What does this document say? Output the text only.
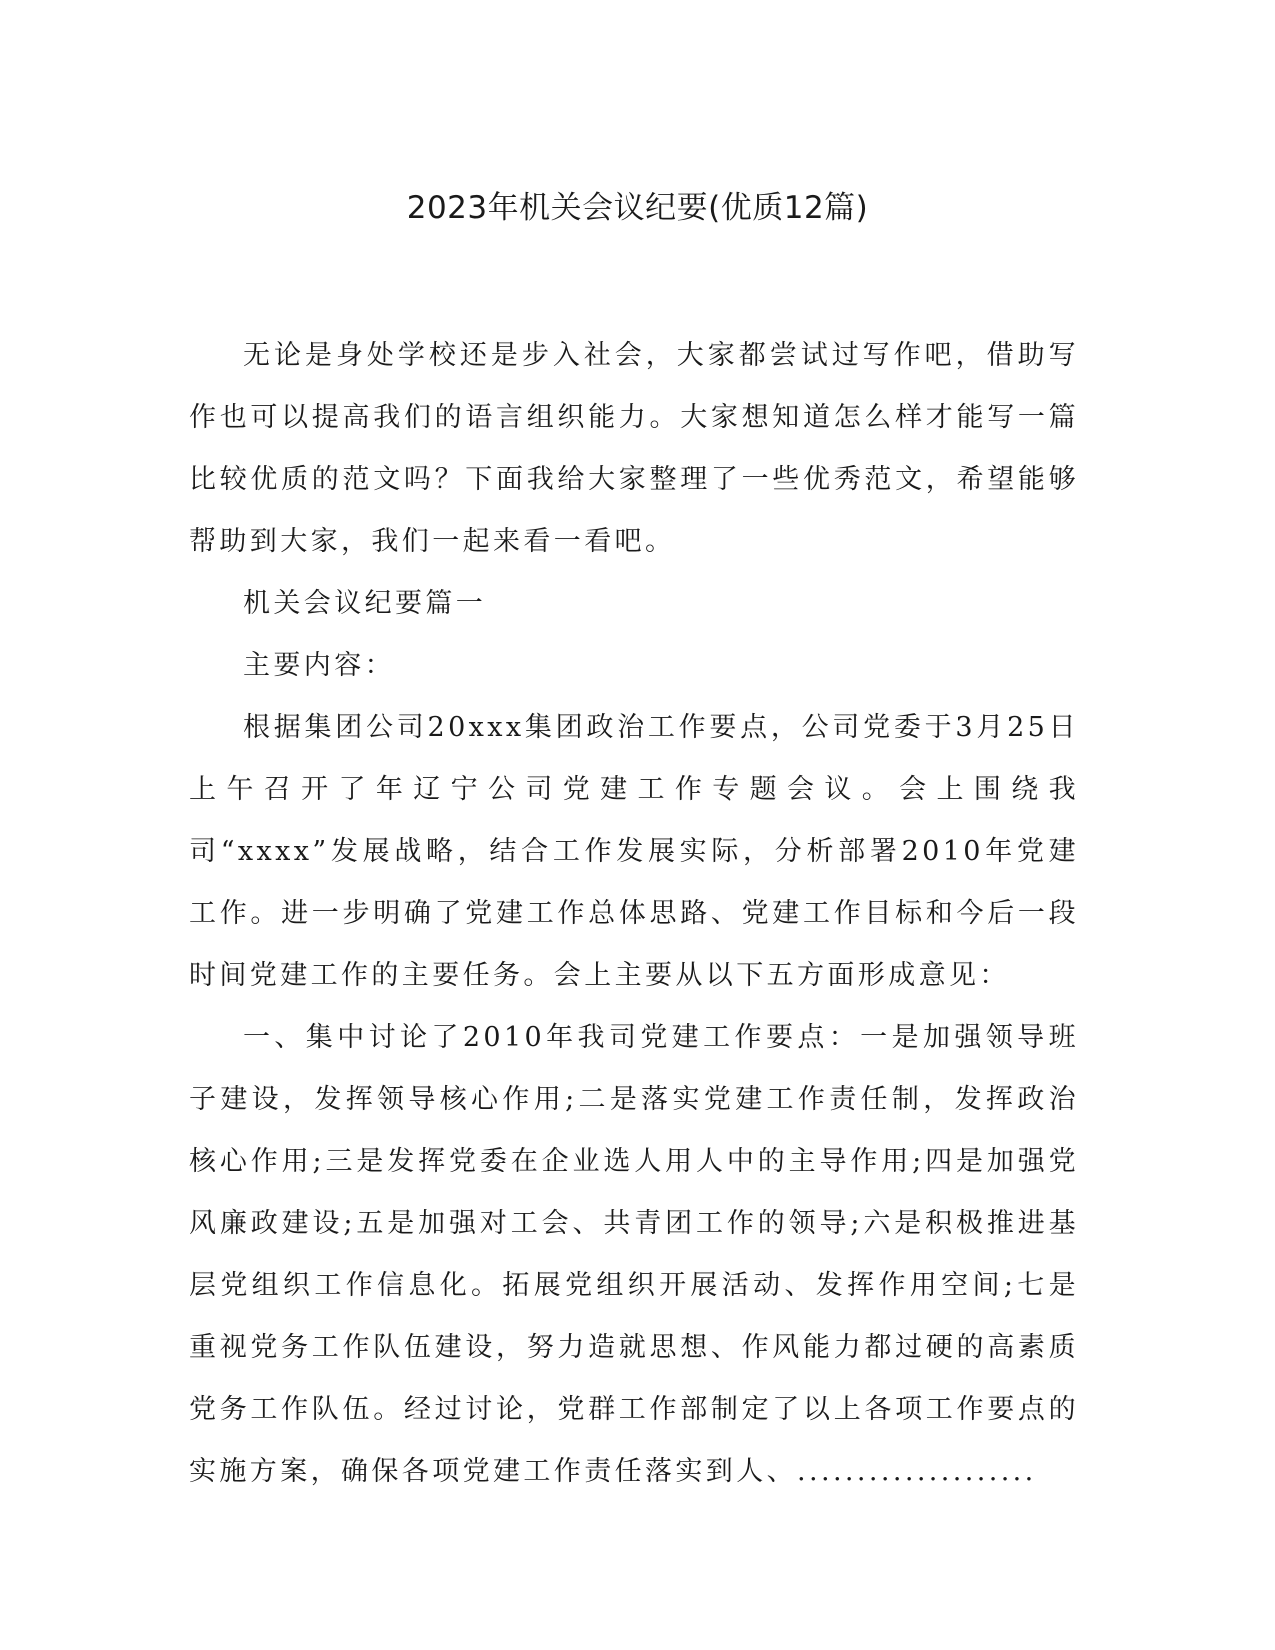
2023年机关会议纪要(优质12篇)

无论是身处学校还是步入社会，大家都尝试过写作吧，借助写作也可以提高我们的语言组织能力。大家想知道怎么样才能写一篇比较优质的范文吗？下面我给大家整理了一些优秀范文，希望能够帮助到大家，我们一起来看一看吧。

机关会议纪要篇一

主要内容：

根据集团公司20xxx集团政治工作要点，公司党委于3月25日上午召开了年辽宁公司党建工作专题会议。会上围绕我司“xxxx”发展战略，结合工作发展实际，分析部署2010年党建工作。进一步明确了党建工作总体思路、党建工作目标和今后一段时间党建工作的主要任务。会上主要从以下五方面形成意见：

一、集中讨论了2010年我司党建工作要点：一是加强领导班子建设，发挥领导核心作用;二是落实党建工作责任制，发挥政治核心作用;三是发挥党委在企业选人用人中的主导作用;四是加强党风廉政建设;五是加强对工会、共青团工作的领导;六是积极推进基层党组织工作信息化。拓展党组织开展活动、发挥作用空间;七是重视党务工作队伍建设，努力造就思想、作风能力都过硬的高素质党务工作队伍。经过讨论，党群工作部制定了以上各项工作要点的实施方案，确保各项党建工作责任落实到人、....................
